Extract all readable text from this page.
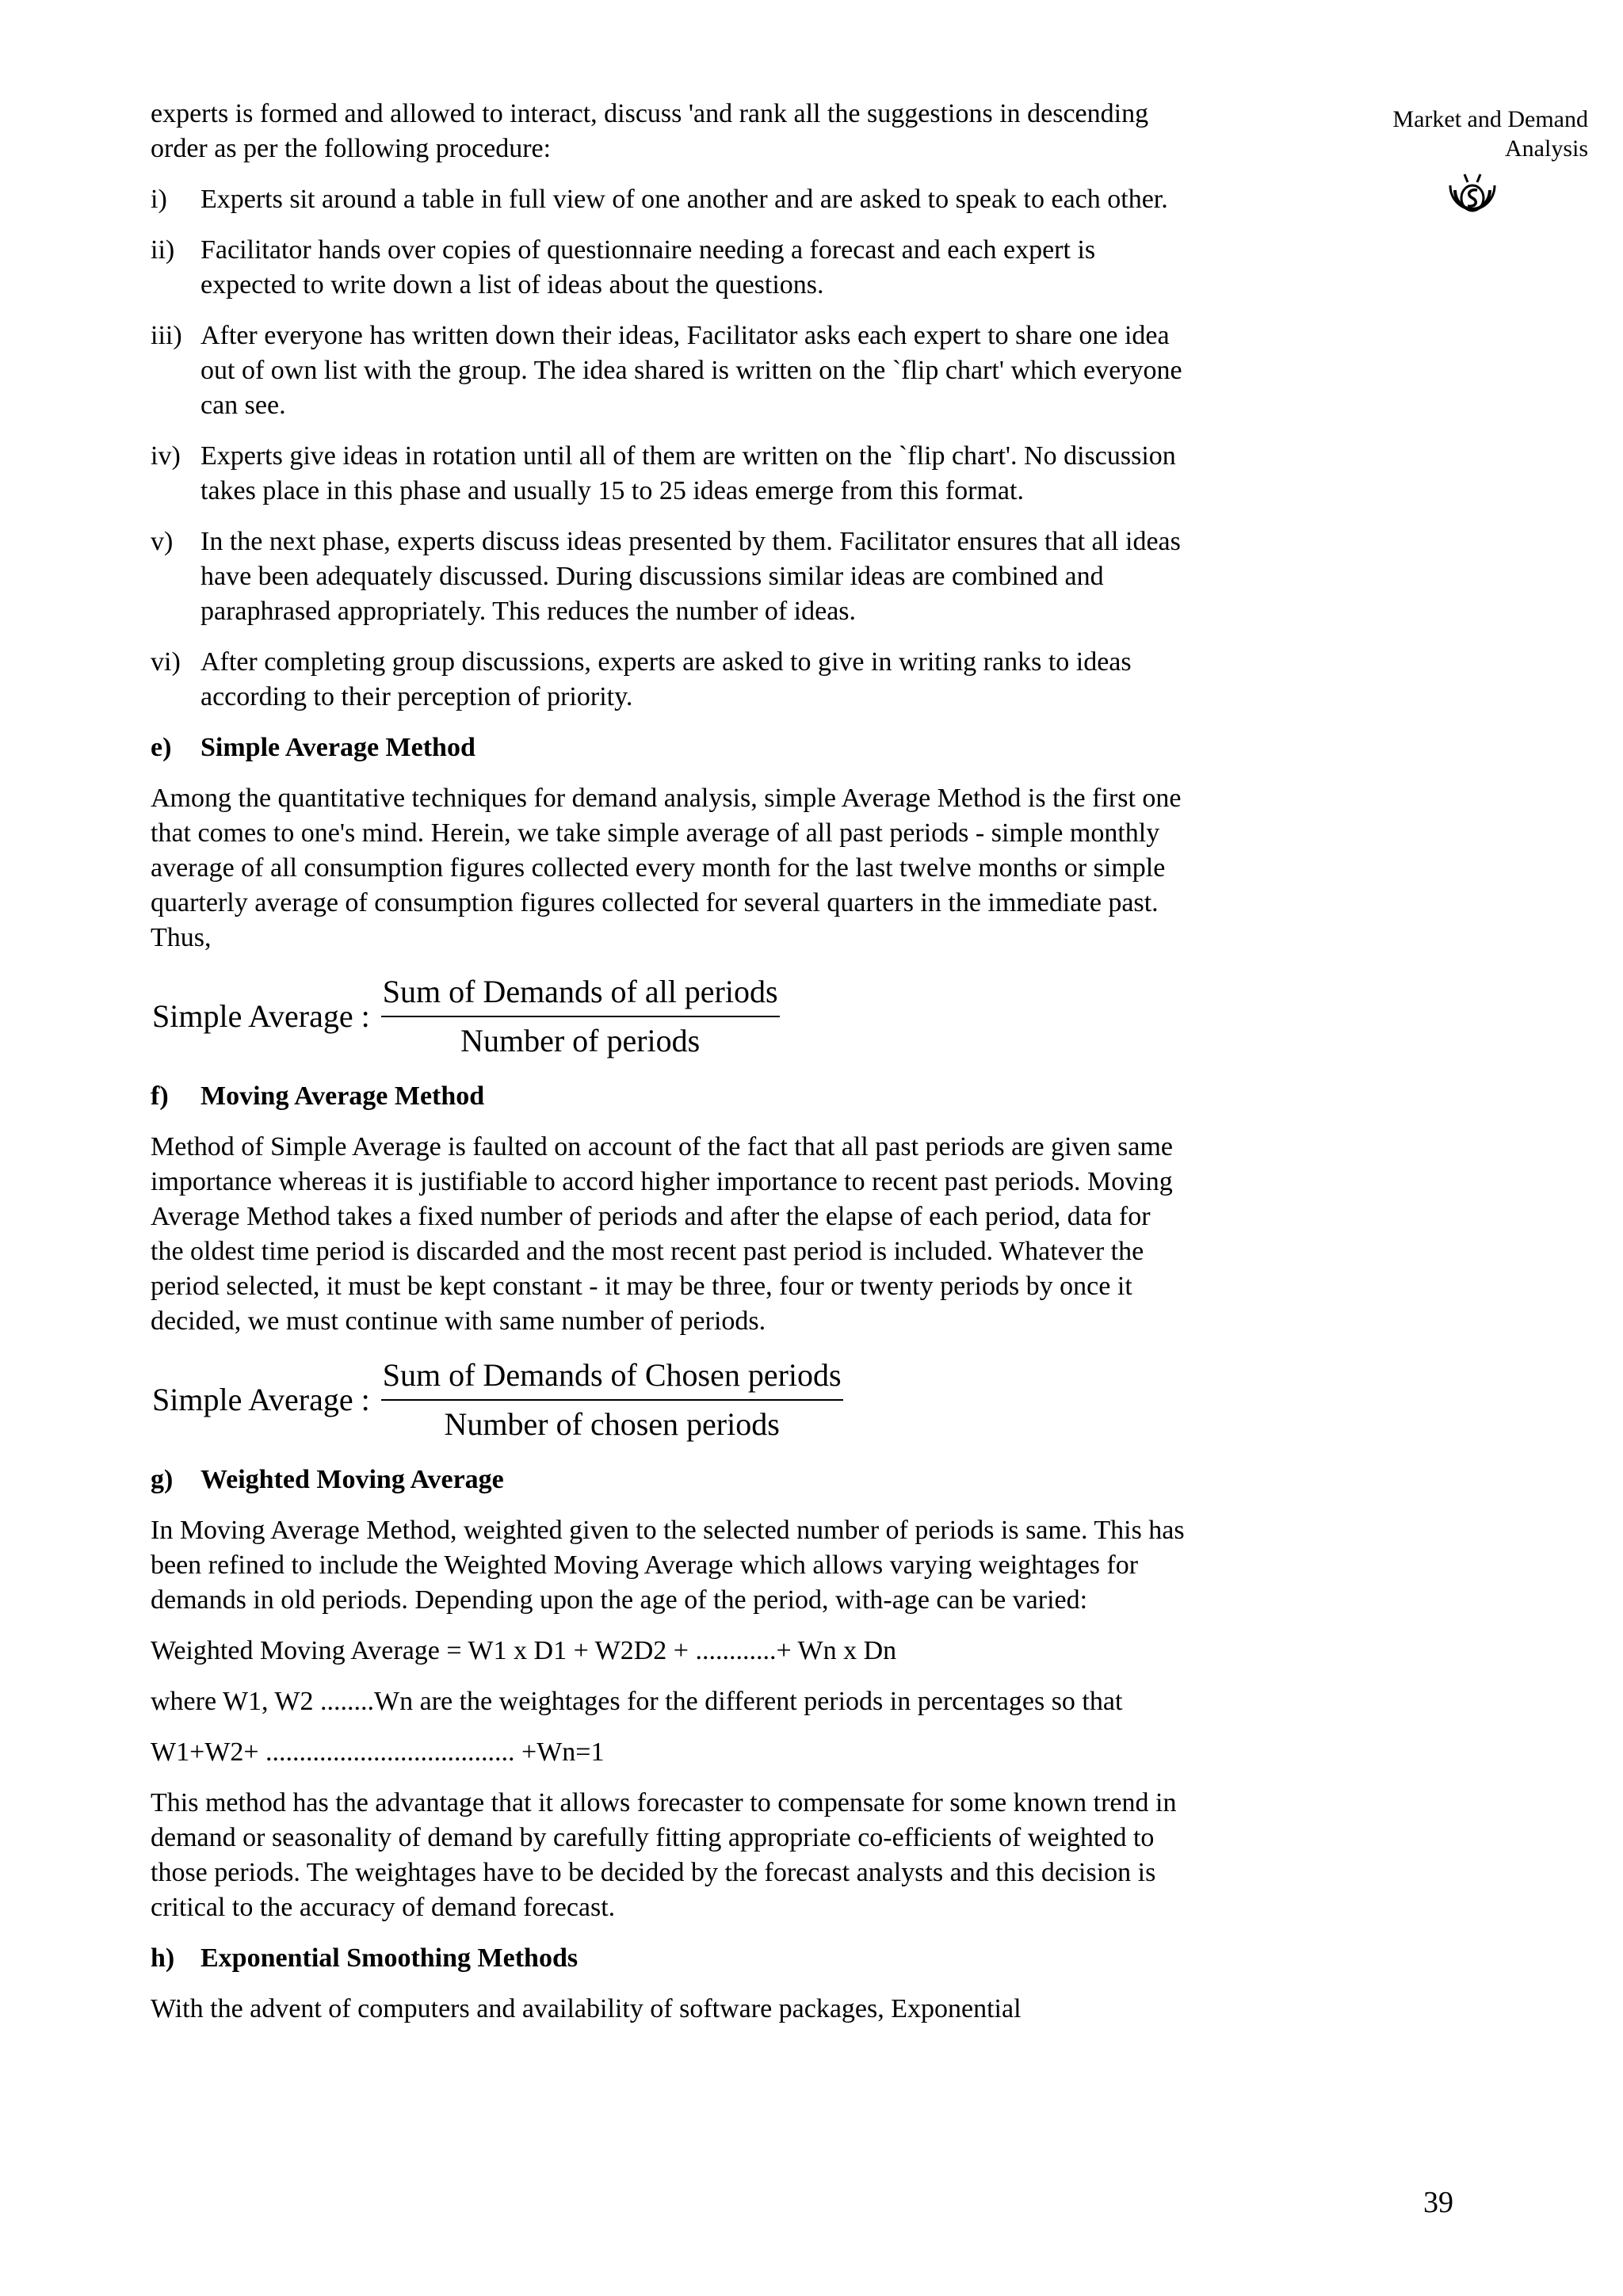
experts is formed and allowed to interact, discuss 'and rank all the suggestions in descending order as per the following procedure:

i) Experts sit around a table in full view of one another and are asked to speak to each other.
ii) Facilitator hands over copies of questionnaire needing a forecast and each expert is expected to write down a list of ideas about the questions.
iii) After everyone has written down their ideas, Facilitator asks each expert to share one idea out of own list with the group. The idea shared is written on the `flip chart' which everyone can see.
iv) Experts give ideas in rotation until all of them are written on the `flip chart'. No discussion takes place in this phase and usually 15 to 25 ideas emerge from this format.
v) In the next phase, experts discuss ideas presented by them. Facilitator ensures that all ideas have been adequately discussed. During discussions similar ideas are combined and paraphrased appropriately. This reduces the number of ideas.
vi) After completing group discussions, experts are asked to give in writing ranks to ideas according to their perception of priority.
e) Simple Average Method

Among the quantitative techniques for demand analysis, simple Average Method is the first one that comes to one's mind. Herein, we take simple average of all past periods - simple monthly average of all consumption figures collected every month for the last twelve months or simple quarterly average of consumption figures collected for several quarters in the immediate past. Thus,

Simple Average : $\frac{\text{Sum of Demands of all periods}}{\text{Number of periods}}$
f) Moving Average Method

Method of Simple Average is faulted on account of the fact that all past periods are given same importance whereas it is justifiable to accord higher importance to recent past periods. Moving Average Method takes a fixed number of periods and after the elapse of each period, data for the oldest time period is discarded and the most recent past period is included. Whatever the period selected, it must be kept constant - it may be three, four or twenty periods by once it decided, we must continue with same number of periods.

Simple Average : $\frac{\text{Sum of Demands of Chosen periods}}{\text{Number of chosen periods}}$
g) Weighted Moving Average

In Moving Average Method, weighted given to the selected number of periods is same. This has been refined to include the Weighted Moving Average which allows varying weightages for demands in old periods. Depending upon the age of the period, with-age can be varied:

Weighted Moving Average = W1 x D1 + W2D2 + ............+ Wn x Dn

where W1, W2 ........Wn are the weightages for the different periods in percentages so that

W1+W2+ ..................................... +Wn=1

This method has the advantage that it allows forecaster to compensate for some known trend in demand or seasonality of demand by carefully fitting appropriate co-efficients of weighted to those periods. The weightages have to be decided by the forecast analysts and this decision is critical to the accuracy of demand forecast.

h) Exponential Smoothing Methods

With the advent of computers and availability of software packages, Exponential

Market and Demand
Analysis
39
